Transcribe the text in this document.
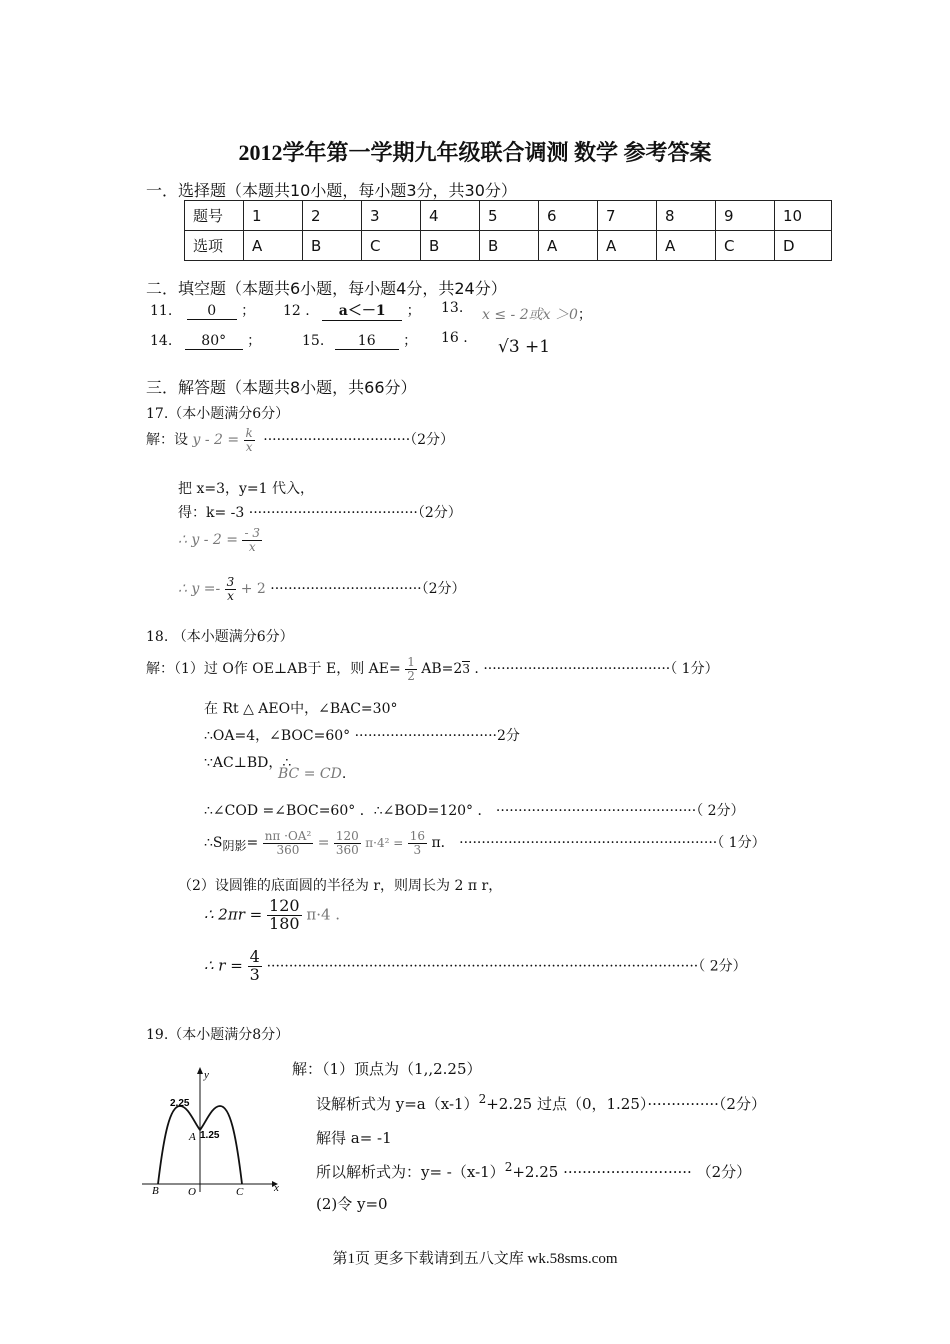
2012学年第一学期九年级联合调测 数学 参考答案
一．选择题（本题共10小题，每小题3分，共30分）
题号	1	2	3	4	5	6	7	8	9	10
选项	A	B	C	B	B	A	A	A	C	D
二．填空题（本题共6小题，每小题4分，共24分）
11. 0 ； 12 . a＜－1 ； 13. x ≤ - 2或x ＞0；
14. 80° ；	15. 16 ； 16 . √3 +1
三．解答题（本题共8小题，共66分）
17.（本小题满分6分）
解：设 $y - 2 = \frac{k}{x} \cdot\cdot\cdot\cdot\cdot\cdot\cdot\cdot\cdot\cdot\cdot\cdot\cdot\cdot\cdot\cdot\cdot\cdot\cdot\cdot\cdot\cdot\cdot\cdot\cdot\cdot\cdot\cdot\cdot\cdot\cdot\cdot\cdot(2$分）
把 x=3，y=1 代入，
得：k= -3 ······································（2分）
∴ $y - 2 = \frac{- 3}{x}$
∴ $y =- \frac{3}{x} + 2 \cdot\cdot\cdot\cdot\cdot\cdot\cdot\cdot\cdot\cdot\cdot\cdot\cdot\cdot\cdot\cdot\cdot\cdot\cdot\cdot\cdot\cdot\cdot\cdot\cdot\cdot\cdot\cdot\cdot\cdot\cdot\cdot\cdot\cdot(2$分）
18. （本小题满分6分）
解：（1）过 O作 OE⊥AB于 E，则 $AE= \frac{1}{2} AB=23$ . ··········································（ 1分）
在 Rt △ AEO中，∠BAC=30°
∴OA=4，∠BOC=60° ································2分
∵AC⊥BD，∴
BC = CD.
∴∠COD =∠BOC=60° ．∴∠BOD=120° ． ·············································（ 2分）
∴S阴影= $\frac{\text{nπ ·OA²}}{360} = \frac{120}{360} \pi\cdot 4^2 = \frac{16}{3}$ π． ··························································（ 1分）
（2）设圆锥的底面圆的半径为 r，则周长为 2 π r，
∴ $2\pi r = \frac{120}{180} \pi\cdot 4$ .
∴ $r = \frac{4}{3}$ ·································································································（ 2分）
19.（本小题满分8分）
y
x
2.25
A 1.25
B	O	C
解：（1）顶点为（1,,2.25）
设解析式为 $y=a(x-1)^2+2.25$ 过点（0，1.25）···············（2分）
解得 a= -1
所以解析式为：$y= -(x-1)^2+2.25$ ··························· （2分）
(2)令 y=0
第1页 更多下载请到五八文库 wk.58sms.com
